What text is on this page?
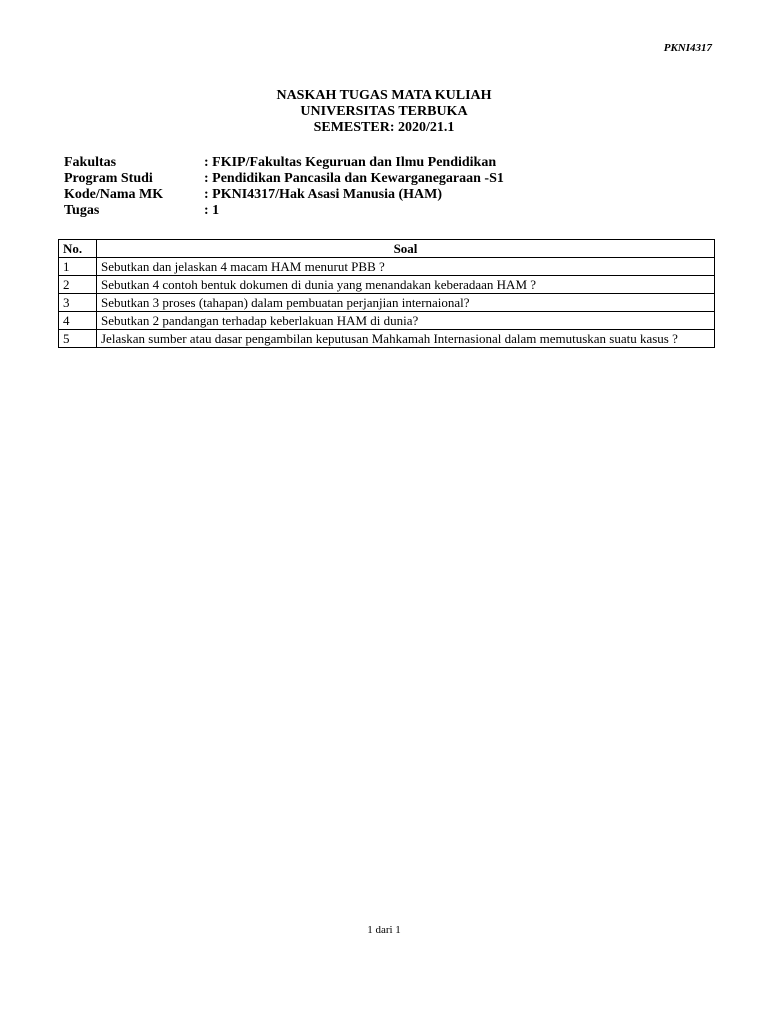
PKNI4317
NASKAH TUGAS MATA KULIAH
UNIVERSITAS TERBUKA
SEMESTER: 2020/21.1
Fakultas	: FKIP/Fakultas Keguruan dan Ilmu Pendidikan
Program Studi	: Pendidikan Pancasila dan Kewarganegaraan -S1
Kode/Nama MK	: PKNI4317/Hak Asasi Manusia (HAM)
Tugas	: 1
No.	Soal
1	Sebutkan dan jelaskan 4 macam HAM menurut PBB ?
2	Sebutkan 4 contoh bentuk dokumen di dunia yang menandakan keberadaan HAM ?
3	Sebutkan 3 proses (tahapan) dalam pembuatan perjanjian internaional?
4	Sebutkan 2 pandangan terhadap keberlakuan HAM di dunia?
5	Jelaskan sumber atau dasar pengambilan keputusan Mahkamah Internasional dalam memutuskan suatu kasus ?
1 dari 1
